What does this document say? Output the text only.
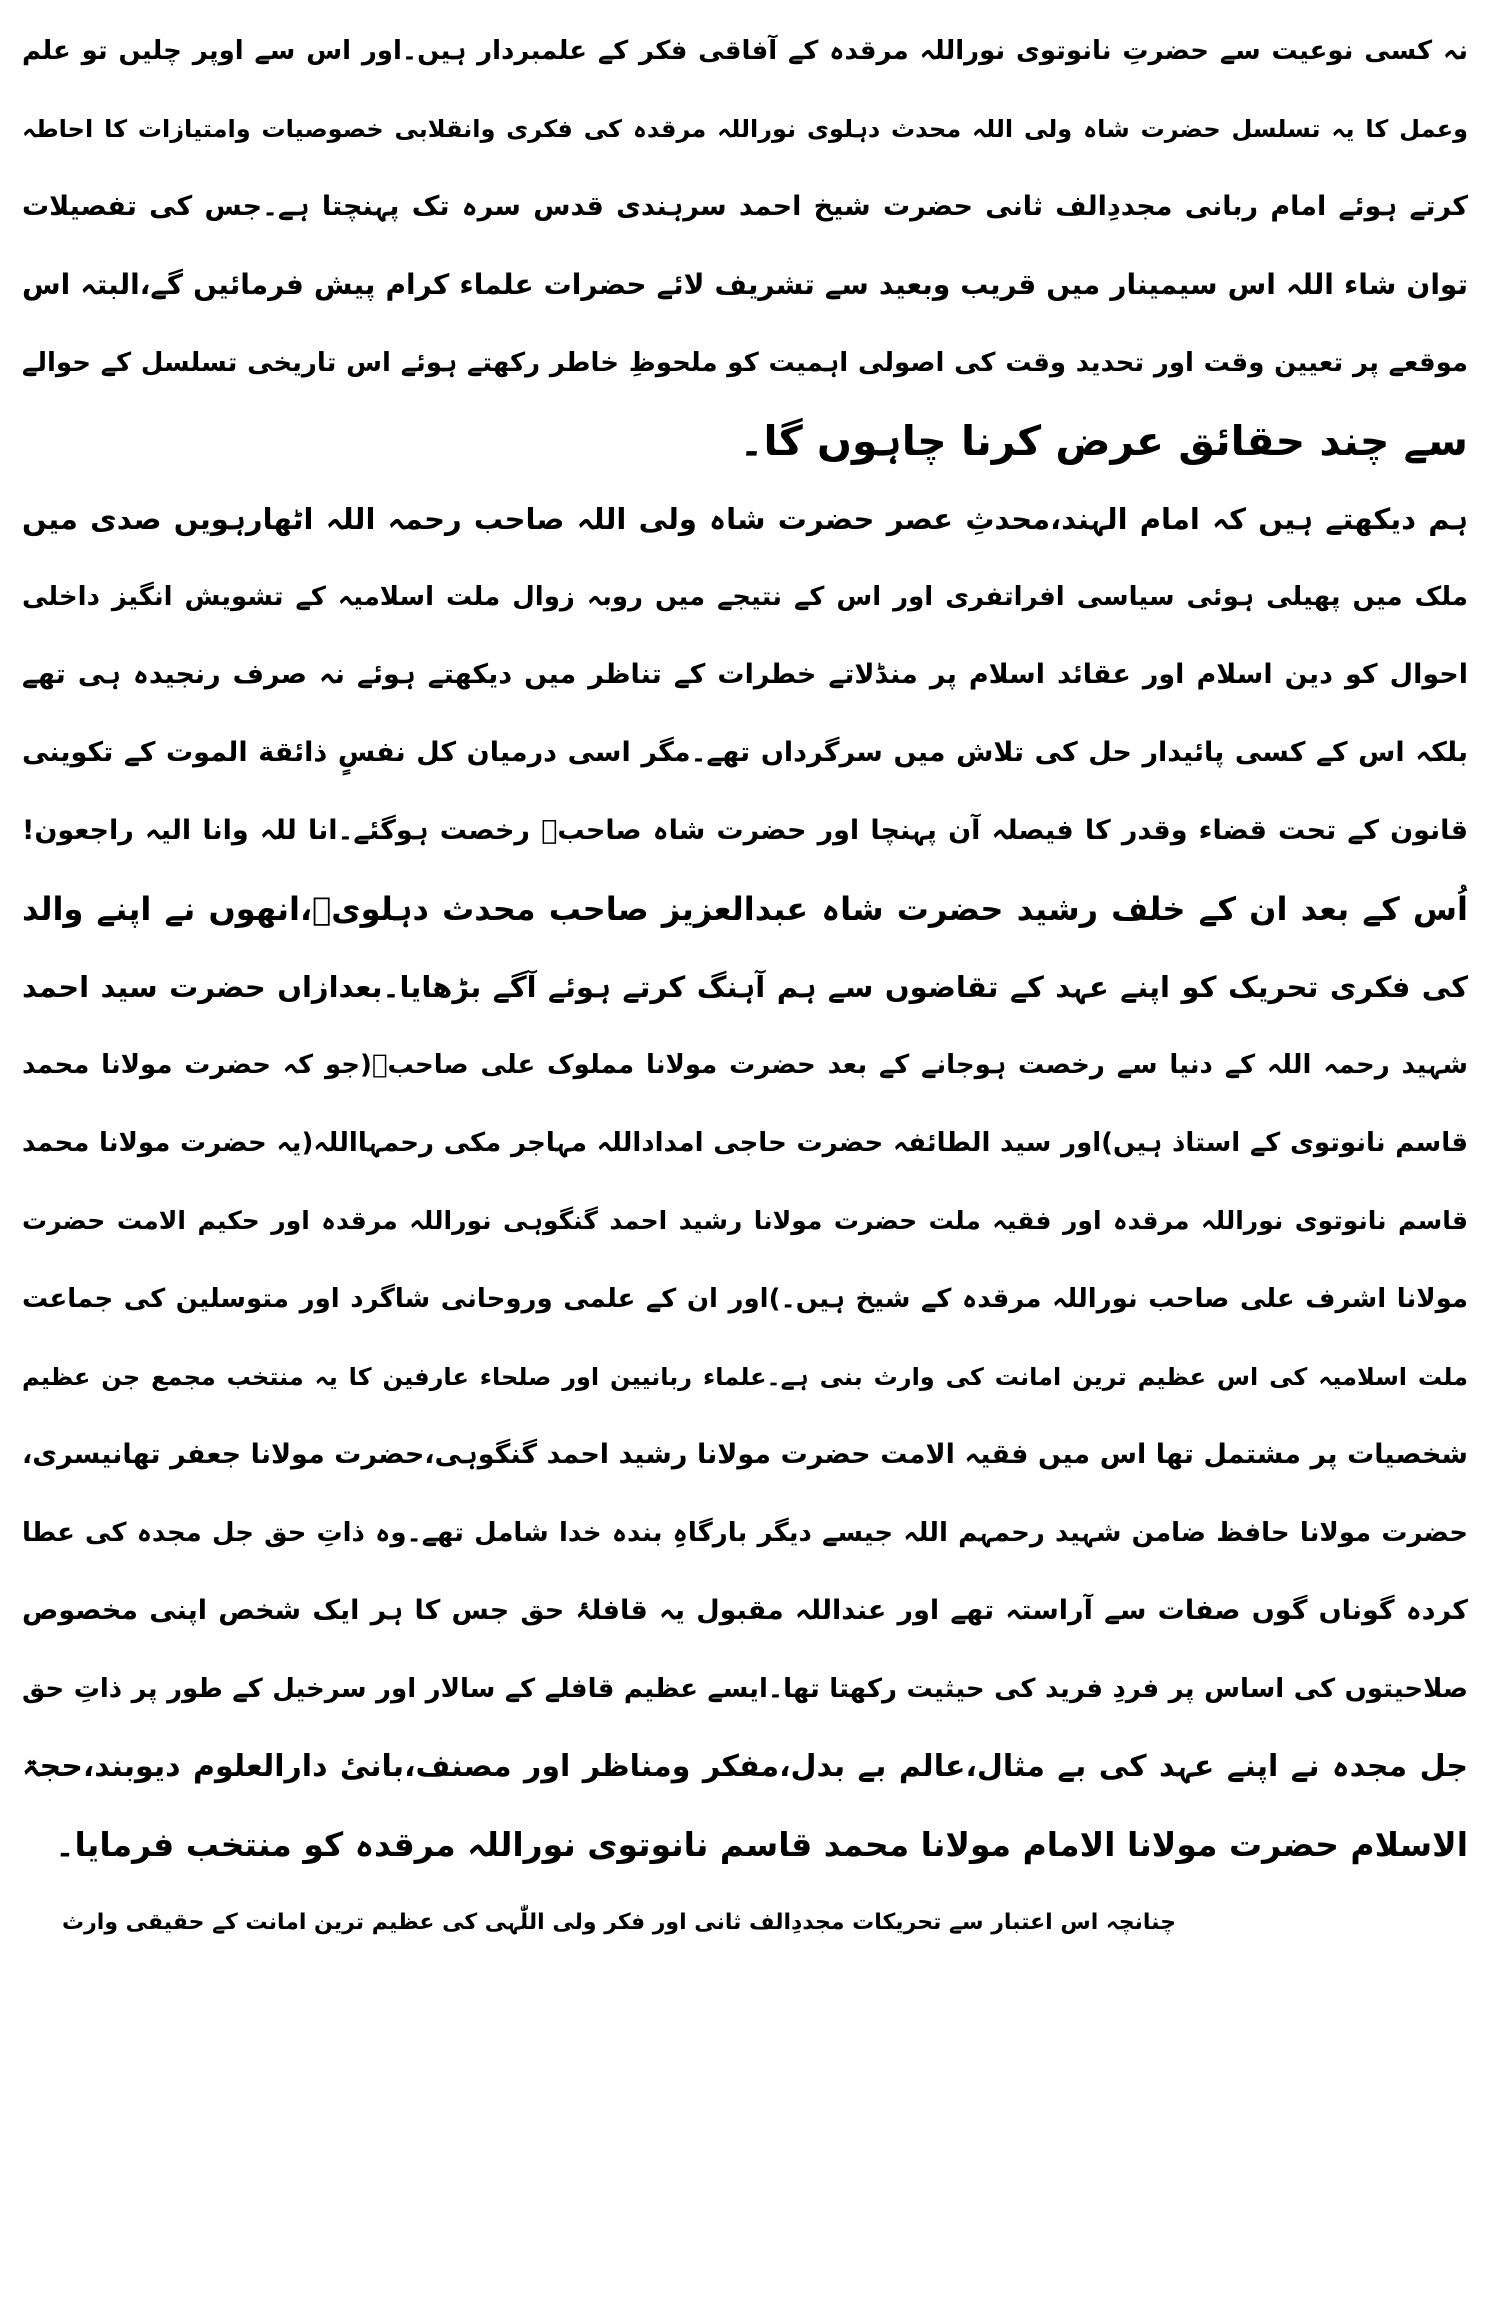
نہ کسی نوعیت سے حضرتِ نانوتوی نوراللہ مرقدہ کے آفاقی فکر کے علمبردار ہیں۔اور اس سے اوپر چلیں تو علم
وعمل کا یہ تسلسل حضرت شاہ ولی اللہ محدث دہلوی نوراللہ مرقدہ کی فکری وانقلابی خصوصیات وامتیازات کا احاطہ
کرتے ہوئے امام ربانی مجددِالف ثانی حضرت شیخ احمد سرہندی قدس سرہ تک پہنچتا ہے۔جس کی تفصیلات
توان شاء اللہ اس سیمینار میں قریب وبعید سے تشریف لائے حضرات علماء کرام پیش فرمائیں گے،البتہ اس
موقعے پر تعیین وقت اور تحدید وقت کی اصولی اہمیت کو ملحوظِ خاطر رکھتے ہوئے اس تاریخی تسلسل کے حوالے
سے چند حقائق عرض کرنا چاہوں گا۔
ہم دیکھتے ہیں کہ امام الہند،محدثِ عصر حضرت شاہ ولی اللہ صاحب رحمہ اللہ اٹھارہویں صدی میں
ملک میں پھیلی ہوئی سیاسی افراتفری اور اس کے نتیجے میں روبہ زوال ملت اسلامیہ کے تشویش انگیز داخلی
احوال کو دین اسلام اور عقائد اسلام پر منڈلاتے خطرات کے تناظر میں دیکھتے ہوئے نہ صرف رنجیدہ ہی تھے
بلکہ اس کے کسی پائیدار حل کی تلاش میں سرگرداں تھے۔مگر اسی درمیان کل نفسٍ ذائقة الموت کے تکوینی
قانون کے تحت قضاء وقدر کا فیصلہ آن پہنچا اور حضرت شاہ صاحبؒ رخصت ہوگئے۔انا للہ وانا الیہ راجعون!
اُس کے بعد ان کے خلف رشید حضرت شاہ عبدالعزیز صاحب محدث دہلویؒ،انھوں نے اپنے والد
کی فکری تحریک کو اپنے عہد کے تقاضوں سے ہم آہنگ کرتے ہوئے آگے بڑھایا۔بعدازاں حضرت سید احمد
شہید رحمہ اللہ کے دنیا سے رخصت ہوجانے کے بعد حضرت مولانا مملوک علی صاحبؒ(جو کہ حضرت مولانا محمد
قاسم نانوتوی کے استاذ ہیں)اور سید الطائفہ حضرت حاجی امداداللہ مہاجر مکی رحمہااللہ(یہ حضرت مولانا محمد
قاسم نانوتوی نوراللہ مرقدہ اور فقیہ ملت حضرت مولانا رشید احمد گنگوہی نوراللہ مرقدہ اور حکیم الامت حضرت
مولانا اشرف علی صاحب نوراللہ مرقدہ کے شیخ ہیں۔)اور ان کے علمی وروحانی شاگرد اور متوسلین کی جماعت
ملت اسلامیہ کی اس عظیم ترین امانت کی وارث بنی ہے۔علماء ربانیین اور صلحاء عارفین کا یہ منتخب مجمع جن عظیم
شخصیات پر مشتمل تھا اس میں فقیہ الامت حضرت مولانا رشید احمد گنگوہی،حضرت مولانا جعفر تھانیسری،
حضرت مولانا حافظ ضامن شہید رحمہم اللہ جیسے دیگر بارگاہِ بندہ خدا شامل تھے۔وہ ذاتِ حق جل مجدہ کی عطا
کردہ گوناں گوں صفات سے آراستہ تھے اور عنداللہ مقبول یہ قافلۂ حق جس کا ہر ایک شخص اپنی مخصوص
صلاحیتوں کی اساس پر فردِ فرید کی حیثیت رکھتا تھا۔ایسے عظیم قافلے کے سالار اور سرخیل کے طور پر ذاتِ حق
جل مجدہ نے اپنے عہد کی بے مثال،عالم بے بدل،مفکر ومناظر اور مصنف،بانیٔ دارالعلوم دیوبند،حجۃ
الاسلام حضرت مولانا الامام مولانا محمد قاسم نانوتوی نوراللہ مرقدہ کو منتخب فرمایا۔
چنانچہ اس اعتبار سے تحریکات مجددِالف ثانی اور فکر ولی اللّٰہی کی عظیم ترین امانت کے حقیقی وارث
